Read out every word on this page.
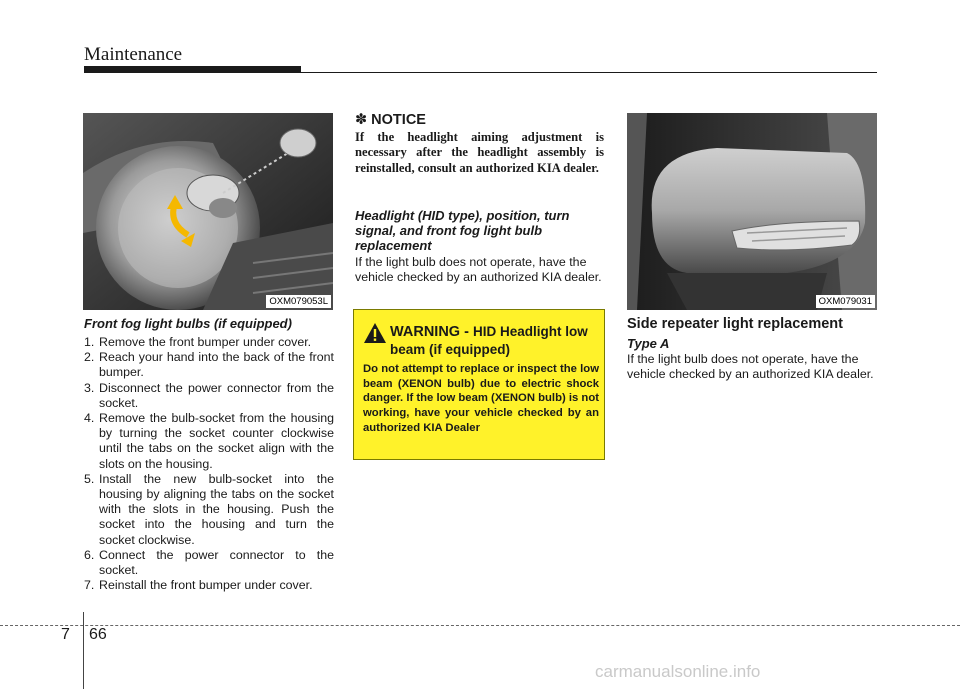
Maintenance
OXM079053L
Front fog light bulbs (if equipped)
1. Remove the front bumper under cover.
2. Reach your hand into the back of the front bumper.
3. Disconnect the power connector from the socket.
4. Remove the bulb-socket from the housing by turning the socket counter clockwise until the tabs on the socket align with the slots on the housing.
5. Install the new bulb-socket into the housing by aligning the tabs on the socket with the slots in the housing. Push the socket into the housing and turn the socket clockwise.
6. Connect the power connector to the socket.
7. Reinstall the front bumper under cover.
✽ NOTICE
If the headlight aiming adjustment is necessary after the headlight assembly is reinstalled, consult an authorized KIA dealer.
Headlight (HID type), position, turn signal, and front fog light bulb replacement
If the light bulb does not operate, have the vehicle checked by an authorized KIA dealer.
WARNING - HID Headlight low beam (if equipped)
Do not attempt to replace or inspect the low beam (XENON bulb) due to electric shock danger. If the low beam (XENON bulb) is not working, have your vehicle checked by an authorized KIA Dealer
OXM079031
Side repeater light replacement
Type A
If the light bulb does not operate, have the vehicle checked by an authorized KIA dealer.
7 66
carmanualsonline.info
